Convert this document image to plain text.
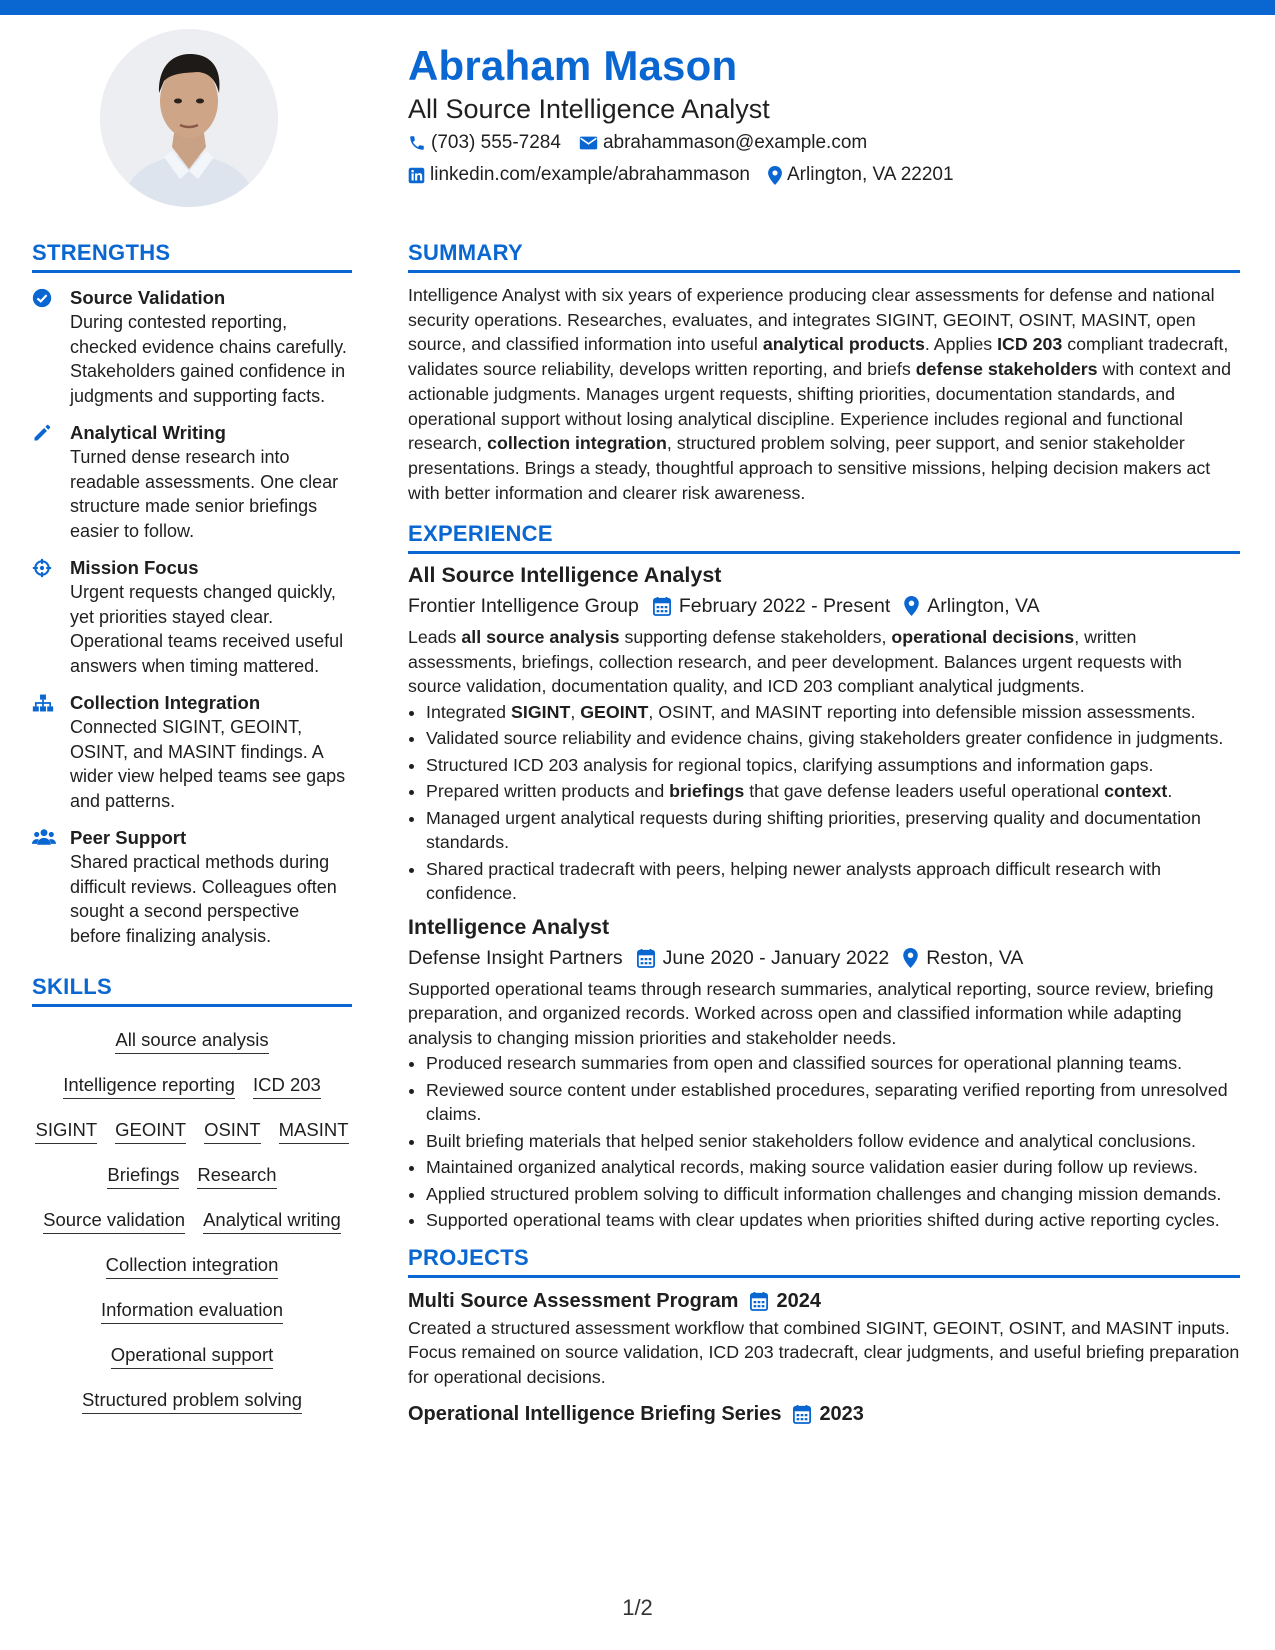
Abraham Mason
All Source Intelligence Analyst
(703) 555-7284 abrahammason@example.com
linkedin.com/example/abrahammason Arlington, VA 22201
STRENGTHS
Source Validation
During contested reporting, checked evidence chains carefully. Stakeholders gained confidence in judgments and supporting facts.
Analytical Writing
Turned dense research into readable assessments. One clear structure made senior briefings easier to follow.
Mission Focus
Urgent requests changed quickly, yet priorities stayed clear. Operational teams received useful answers when timing mattered.
Collection Integration
Connected SIGINT, GEOINT, OSINT, and MASINT findings. A wider view helped teams see gaps and patterns.
Peer Support
Shared practical methods during difficult reviews. Colleagues often sought a second perspective before finalizing analysis.
SKILLS
All source analysis
Intelligence reporting ICD 203
SIGINT GEOINT OSINT MASINT
Briefings Research
Source validation Analytical writing
Collection integration
Information evaluation
Operational support
Structured problem solving
SUMMARY
Intelligence Analyst with six years of experience producing clear assessments for defense and national security operations. Researches, evaluates, and integrates SIGINT, GEOINT, OSINT, MASINT, open source, and classified information into useful analytical products. Applies ICD 203 compliant tradecraft, validates source reliability, develops written reporting, and briefs defense stakeholders with context and actionable judgments. Manages urgent requests, shifting priorities, documentation standards, and operational support without losing analytical discipline. Experience includes regional and functional research, collection integration, structured problem solving, peer support, and senior stakeholder presentations. Brings a steady, thoughtful approach to sensitive missions, helping decision makers act with better information and clearer risk awareness.
EXPERIENCE
All Source Intelligence Analyst
Frontier Intelligence Group February 2022 - Present Arlington, VA
Leads all source analysis supporting defense stakeholders, operational decisions, written assessments, briefings, collection research, and peer development. Balances urgent requests with source validation, documentation quality, and ICD 203 compliant analytical judgments.
• Integrated SIGINT, GEOINT, OSINT, and MASINT reporting into defensible mission assessments.
• Validated source reliability and evidence chains, giving stakeholders greater confidence in judgments.
• Structured ICD 203 analysis for regional topics, clarifying assumptions and information gaps.
• Prepared written products and briefings that gave defense leaders useful operational context.
• Managed urgent analytical requests during shifting priorities, preserving quality and documentation standards.
• Shared practical tradecraft with peers, helping newer analysts approach difficult research with confidence.
Intelligence Analyst
Defense Insight Partners June 2020 - January 2022 Reston, VA
Supported operational teams through research summaries, analytical reporting, source review, briefing preparation, and organized records. Worked across open and classified information while adapting analysis to changing mission priorities and stakeholder needs.
• Produced research summaries from open and classified sources for operational planning teams.
• Reviewed source content under established procedures, separating verified reporting from unresolved claims.
• Built briefing materials that helped senior stakeholders follow evidence and analytical conclusions.
• Maintained organized analytical records, making source validation easier during follow up reviews.
• Applied structured problem solving to difficult information challenges and changing mission demands.
• Supported operational teams with clear updates when priorities shifted during active reporting cycles.
PROJECTS
Multi Source Assessment Program 2024
Created a structured assessment workflow that combined SIGINT, GEOINT, OSINT, and MASINT inputs. Focus remained on source validation, ICD 203 tradecraft, clear judgments, and useful briefing preparation for operational decisions.
Operational Intelligence Briefing Series 2023
1/2
